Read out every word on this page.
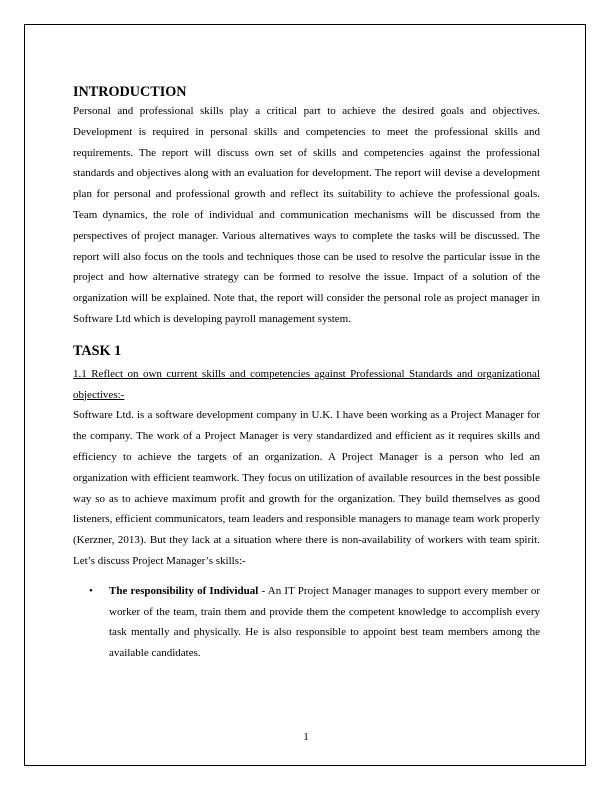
INTRODUCTION

Personal and professional skills play a critical part to achieve the desired goals and objectives. Development is required in personal skills and competencies to meet the professional skills and requirements. The report will discuss own set of skills and competencies against the professional standards and objectives along with an evaluation for development. The report will devise a development plan for personal and professional growth and reflect its suitability to achieve the professional goals. Team dynamics, the role of individual and communication mechanisms will be discussed from the perspectives of project manager. Various alternatives ways to complete the tasks will be discussed. The report will also focus on the tools and techniques those can be used to resolve the particular issue in the project and how alternative strategy can be formed to resolve the issue. Impact of a solution of the organization will be explained. Note that, the report will consider the personal role as project manager in Software Ltd which is developing payroll management system.

TASK 1

1.1 Reflect on own current skills and competencies against Professional Standards and organizational objectives:-

Software Ltd. is a software development company in U.K. I have been working as a Project Manager for the company. The work of a Project Manager is very standardized and efficient as it requires skills and efficiency to achieve the targets of an organization. A Project Manager is a person who led an organization with efficient teamwork. They focus on utilization of available resources in the best possible way so as to achieve maximum profit and growth for the organization. They build themselves as good listeners, efficient communicators, team leaders and responsible managers to manage team work properly (Kerzner, 2013). But they lack at a situation where there is non-availability of workers with team spirit. Let’s discuss Project Manager’s skills:-

• The responsibility of Individual - An IT Project Manager manages to support every member or worker of the team, train them and provide them the competent knowledge to accomplish every task mentally and physically. He is also responsible to appoint best team members among the available candidates.
1
